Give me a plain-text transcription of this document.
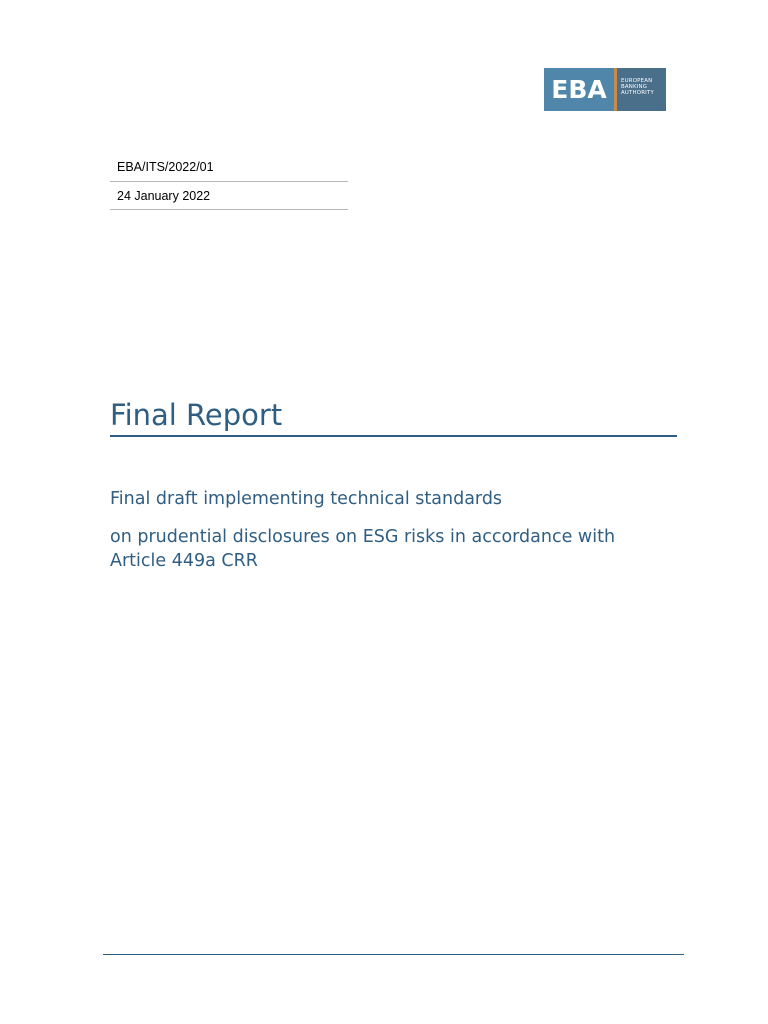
EBA	EUROPEAN
BANKING
AUTHORITY
EBA/ITS/2022/01
24 January 2022
Final Report

Final draft implementing technical standards

on prudential disclosures on ESG risks in accordance with Article 449a CRR
